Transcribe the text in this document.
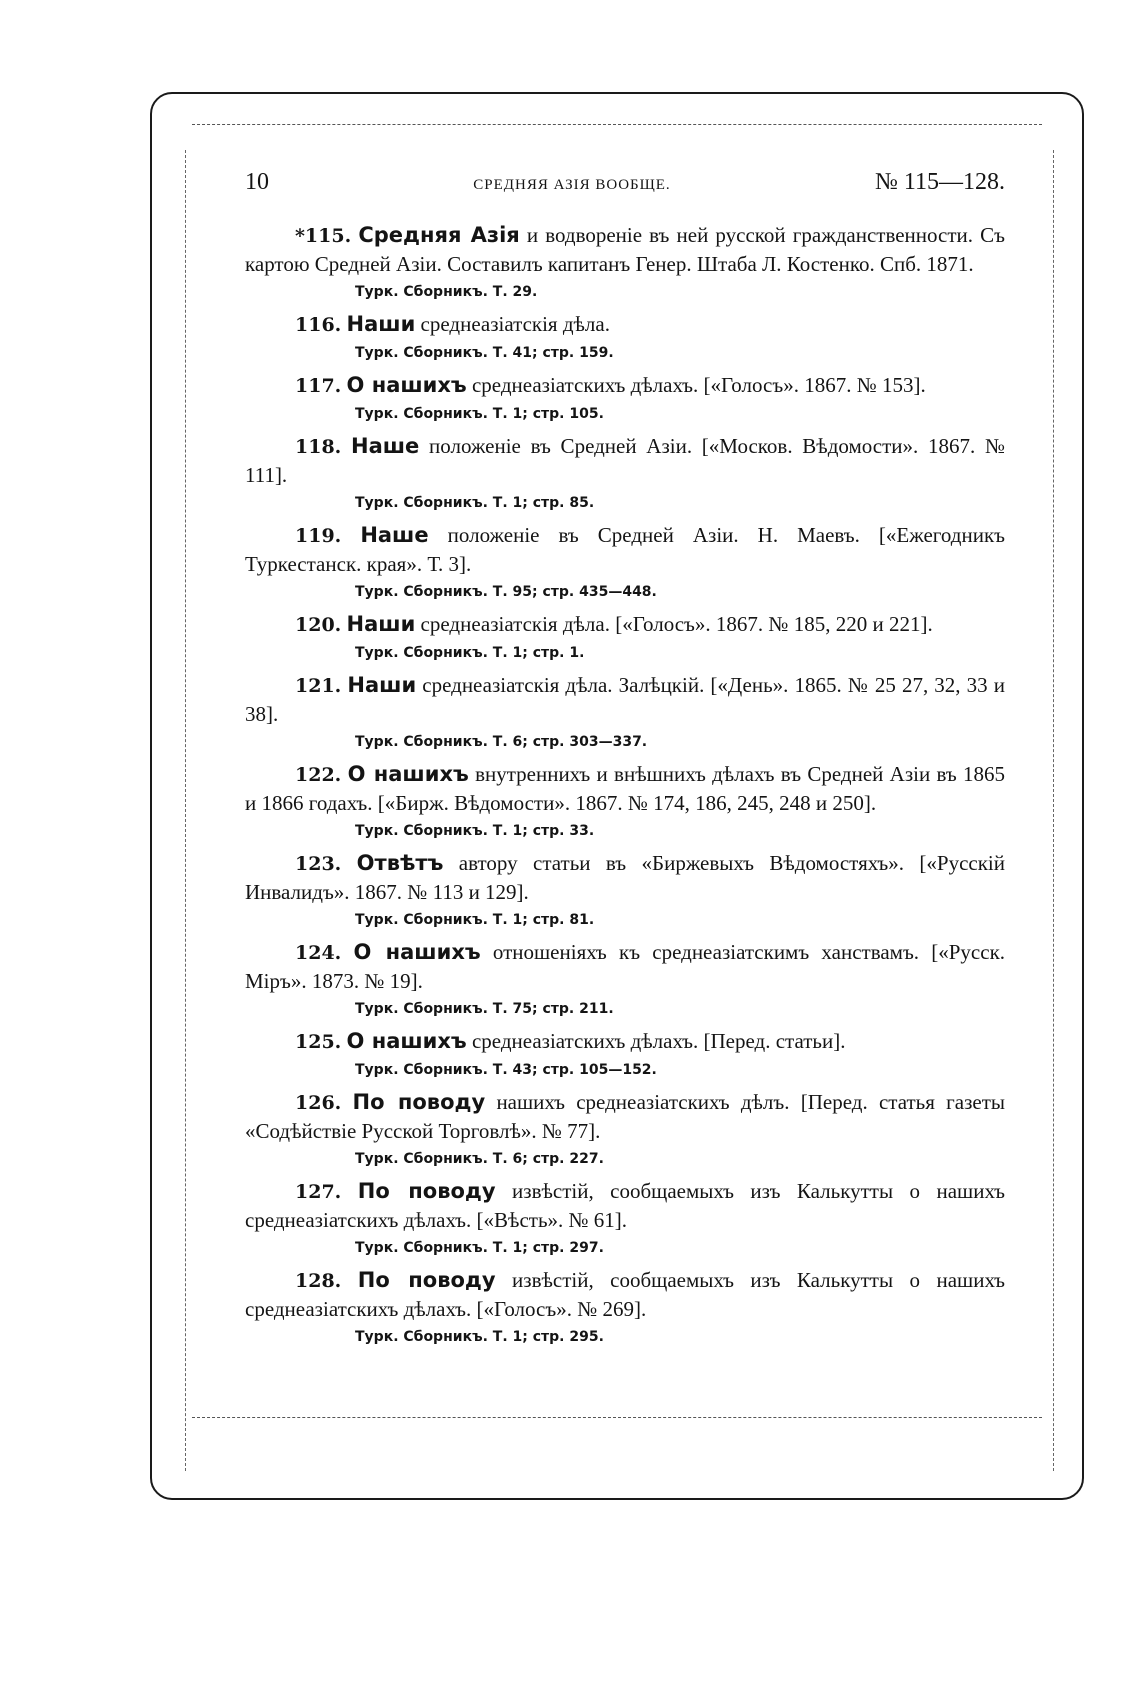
10	СРЕДНЯЯ АЗІЯ ВООБЩЕ.	№ 115—128.

*115. Средняя Азія и водвореніе въ ней русской гражданственности. Съ картою Средней Азіи. Составилъ капитанъ Генер. Штаба Л. Костенко. Спб. 1871.

Турк. Сборникъ. Т. 29.

116. Наши среднеазіатскія дѣла.

Турк. Сборникъ. Т. 41; стр. 159.

117. О нашихъ среднеазіатскихъ дѣлахъ. [«Голосъ». 1867. № 153].

Турк. Сборникъ. Т. 1; стр. 105.

118. Наше положеніе въ Средней Азіи. [«Москов. Вѣдомости». 1867. № 111].

Турк. Сборникъ. Т. 1; стр. 85.

119. Наше положеніе въ Средней Азіи. Н. Маевъ. [«Ежегодникъ Туркестанск. края». Т. 3].

Турк. Сборникъ. Т. 95; стр. 435—448.

120. Наши среднеазіатскія дѣла. [«Голосъ». 1867. № 185, 220 и 221].

Турк. Сборникъ. Т. 1; стр. 1.

121. Наши среднеазіатскія дѣла. Залѣцкій. [«День». 1865. № 25 27, 32, 33 и 38].

Турк. Сборникъ. Т. 6; стр. 303—337.

122. О нашихъ внутреннихъ и внѣшнихъ дѣлахъ въ Средней Азіи въ 1865 и 1866 годахъ. [«Бирж. Вѣдомости». 1867. № 174, 186, 245, 248 и 250].

Турк. Сборникъ. Т. 1; стр. 33.

123. Отвѣтъ автору статьи въ «Биржевыхъ Вѣдомостяхъ». [«Русскій Инвалидъ». 1867. № 113 и 129].

Турк. Сборникъ. Т. 1; стр. 81.

124. О нашихъ отношеніяхъ къ среднеазіатскимъ ханствамъ. [«Русск. Міръ». 1873. № 19].

Турк. Сборникъ. Т. 75; стр. 211.

125. О нашихъ среднеазіатскихъ дѣлахъ. [Перед. статьи].

Турк. Сборникъ. Т. 43; стр. 105—152.

126. По поводу нашихъ среднеазіатскихъ дѣлъ. [Перед. статья газеты «Содѣйствіе Русской Торговлѣ». № 77].

Турк. Сборникъ. Т. 6; стр. 227.

127. По поводу извѣстій, сообщаемыхъ изъ Калькутты о нашихъ среднеазіатскихъ дѣлахъ. [«Вѣсть». № 61].

Турк. Сборникъ. Т. 1; стр. 297.

128. По поводу извѣстій, сообщаемыхъ изъ Калькутты о нашихъ среднеазіатскихъ дѣлахъ. [«Голосъ». № 269].

Турк. Сборникъ. Т. 1; стр. 295.
